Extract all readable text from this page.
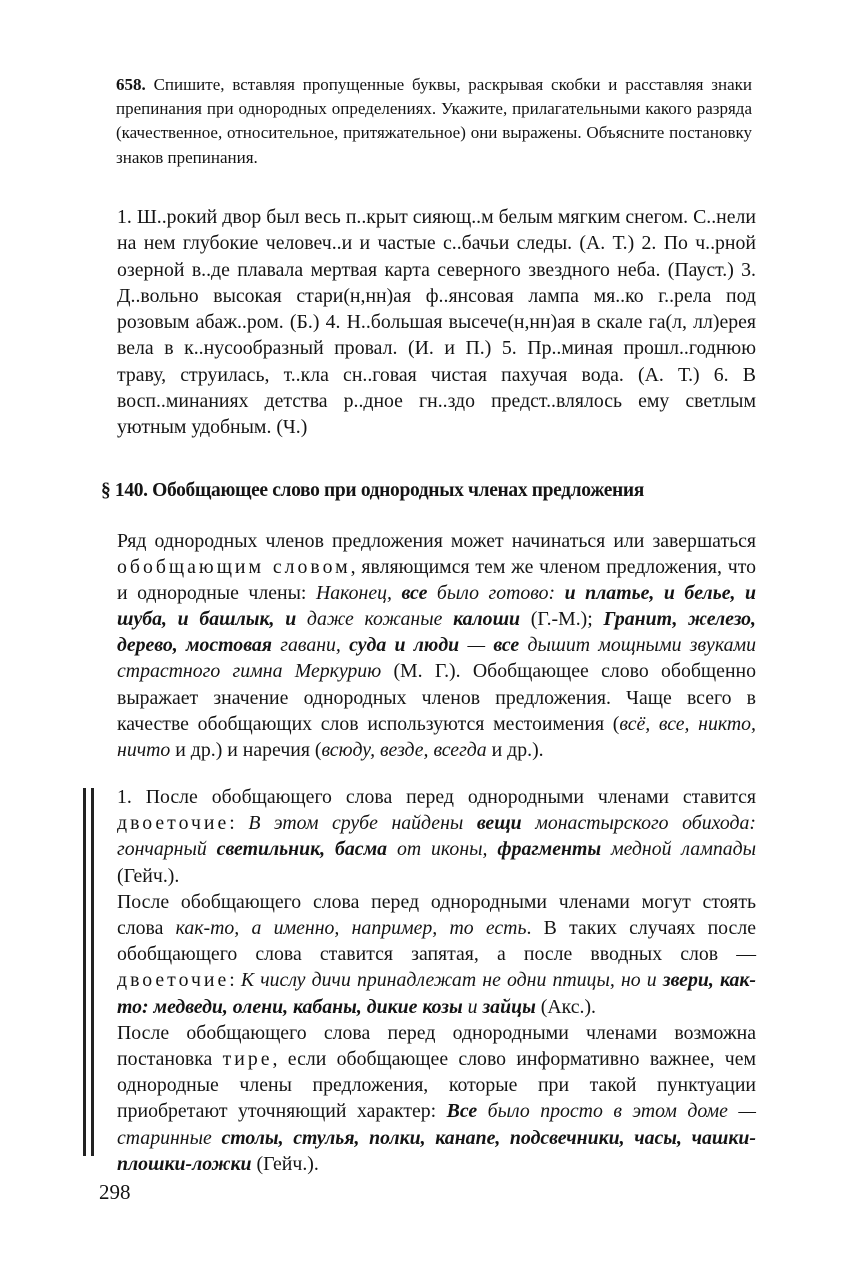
658. Спишите, вставляя пропущенные буквы, раскрывая скобки и расставляя знаки препинания при однородных определениях. Укажите, прилагательными какого разряда (качественное, относительное, притяжательное) они выражены. Объясните постановку знаков препинания.

1. Ш..рокий двор был весь п..крыт сияющ..м белым мягким снегом. С..нели на нем глубокие человеч..и и частые с..бачьи следы. (А. Т.) 2. По ч..рной озерной в..де плавала мертвая карта северного звездного неба. (Пауст.) 3. Д..вольно высокая стари(н,нн)ая ф..янсовая лампа мя..ко г..рела под розовым абаж..ром. (Б.) 4. Н..большая высече(н,нн)ая в скале га(л, лл)ерея вела в к..нусообразный провал. (И. и П.) 5. Пр..миная прошл..годнюю траву, струилась, т..кла сн..говая чистая пахучая вода. (А. Т.) 6. В восп..минаниях детства р..дное гн..здо предст..влялось ему светлым уютным удобным. (Ч.)

§ 140. Обобщающее слово при однородных членах предложения

Ряд однородных членов предложения может начинаться или завершаться обобщающим словом, являющимся тем же членом предложения, что и однородные члены: Наконец, все было готово: и платье, и белье, и шуба, и башлык, и даже кожаные калоши (Г.-М.); Гранит, железо, дерево, мостовая гавани, суда и люди — все дышит мощными звуками страстного гимна Меркурию (М. Г.). Обобщающее слово обобщенно выражает значение однородных членов предложения. Чаще всего в качестве обобщающих слов используются местоимения (всё, все, никто, ничто и др.) и наречия (всюду, везде, всегда и др.).

1. После обобщающего слова перед однородными членами ставится двоеточие: В этом срубе найдены вещи монастырского обихода: гончарный светильник, басма от иконы, фрагменты медной лампады (Гейч.).
После обобщающего слова перед однородными членами могут стоять слова как-то, а именно, например, то есть. В таких случаях после обобщающего слова ставится запятая, а после вводных слов — двоеточие: К числу дичи принадлежат не одни птицы, но и звери, как-то: медведи, олени, кабаны, дикие козы и зайцы (Акс.).
После обобщающего слова перед однородными членами возможна постановка тире, если обобщающее слово информативно важнее, чем однородные члены предложения, которые при такой пунктуации приобретают уточняющий характер: Все было просто в этом доме — старинные столы, стулья, полки, канапе, подсвечники, часы, чашки-плошки-ложки (Гейч.).
298
